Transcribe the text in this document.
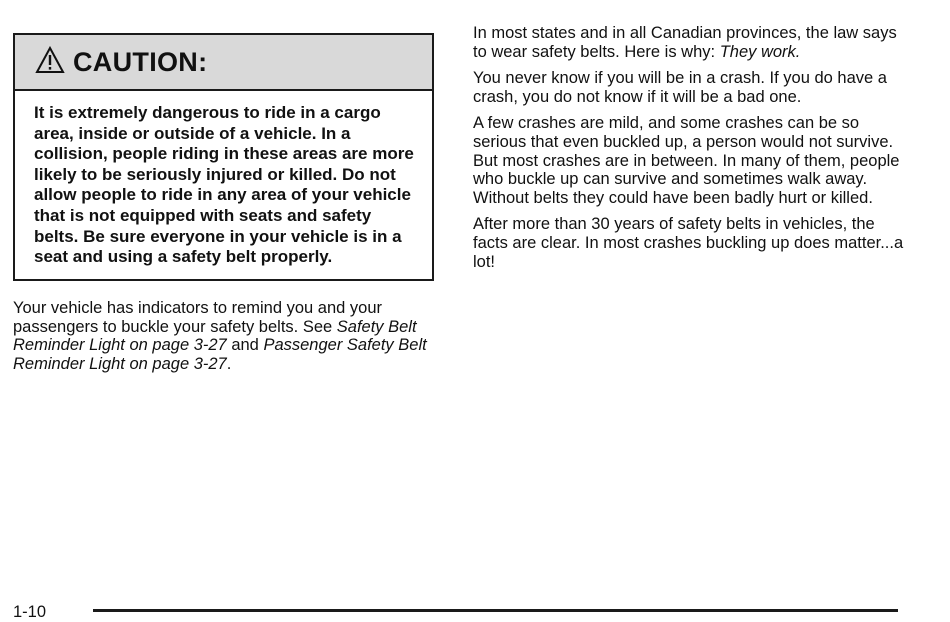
CAUTION:
It is extremely dangerous to ride in a cargo area, inside or outside of a vehicle. In a collision, people riding in these areas are more likely to be seriously injured or killed. Do not allow people to ride in any area of your vehicle that is not equipped with seats and safety belts. Be sure everyone in your vehicle is in a seat and using a safety belt properly.

Your vehicle has indicators to remind you and your passengers to buckle your safety belts. See Safety Belt Reminder Light on page 3-27 and Passenger Safety Belt Reminder Light on page 3-27.

In most states and in all Canadian provinces, the law says to wear safety belts. Here is why: They work.

You never know if you will be in a crash. If you do have a crash, you do not know if it will be a bad one.

A few crashes are mild, and some crashes can be so serious that even buckled up, a person would not survive. But most crashes are in between. In many of them, people who buckle up can survive and sometimes walk away. Without belts they could have been badly hurt or killed.

After more than 30 years of safety belts in vehicles, the facts are clear. In most crashes buckling up does matter...a lot!

1-10
